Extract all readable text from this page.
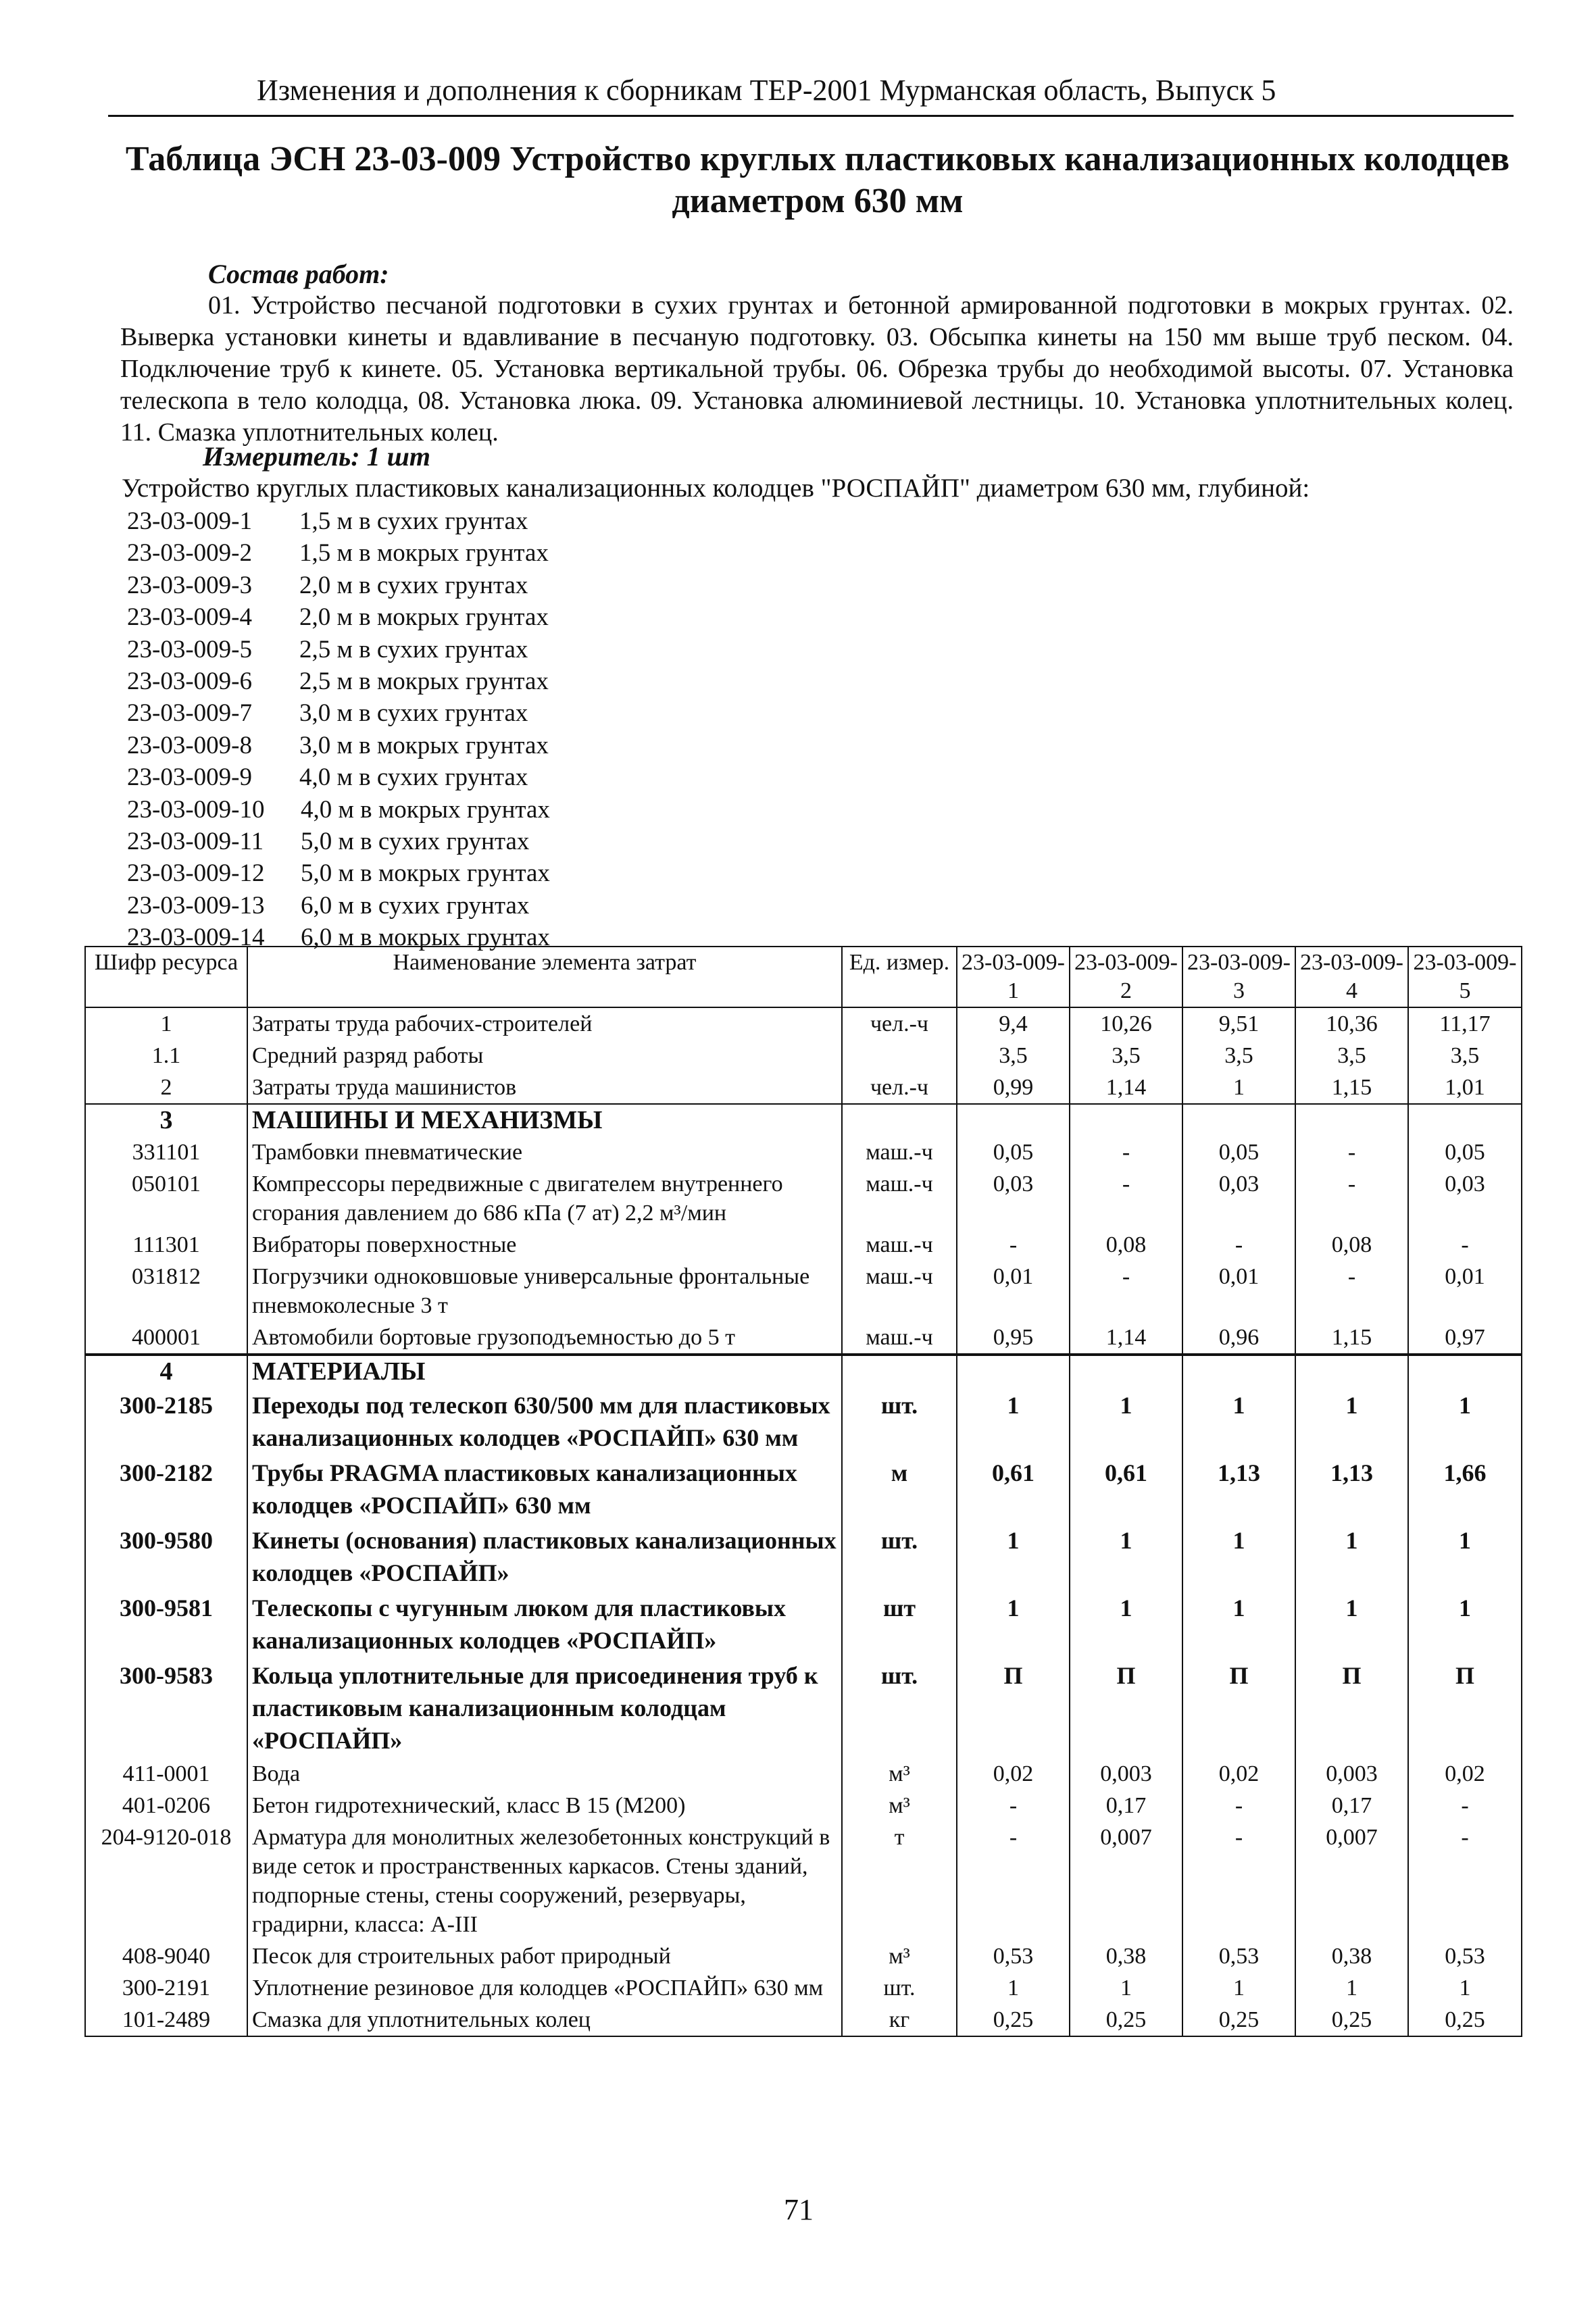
Изменения и дополнения к сборникам ТЕР-2001 Мурманская область, Выпуск 5
Таблица ЭСН 23-03-009 Устройство круглых пластиковых канализационных колодцев
диаметром 630 мм
Состав работ:
01. Устройство песчаной подготовки в сухих грунтах и бетонной армированной подготовки в мокрых грунтах. 02. Выверка установки кинеты и вдавливание в песчаную подготовку. 03. Обсыпка кинеты на 150 мм выше труб песком. 04. Подключение труб к кинете. 05. Установка вертикальной трубы. 06. Обрезка трубы до необходимой высоты. 07. Установка телескопа в тело колодца, 08. Установка люка. 09. Установка алюминиевой лестницы. 10. Установка уплотнительных колец. 11. Смазка уплотнительных колец.
Измеритель: 1 шт
Устройство круглых пластиковых канализационных колодцев "РОСПАЙП" диаметром 630 мм, глубиной:
23-03-009-1	1,5 м в сухих грунтах
23-03-009-2	1,5 м в мокрых грунтах
23-03-009-3	2,0 м в сухих грунтах
23-03-009-4	2,0 м в мокрых грунтах
23-03-009-5	2,5 м в сухих грунтах
23-03-009-6	2,5 м в мокрых грунтах
23-03-009-7	3,0 м в сухих грунтах
23-03-009-8	3,0 м в мокрых грунтах
23-03-009-9	4,0 м в сухих грунтах
23-03-009-10	4,0 м в мокрых грунтах
23-03-009-11	5,0 м в сухих грунтах
23-03-009-12	5,0 м в мокрых грунтах
23-03-009-13	6,0 м в сухих грунтах
23-03-009-14	6,0 м в мокрых грунтах
Шифр ресурса	Наименование элемента затрат	Ед. измер.	23-03-009-1	23-03-009-2	23-03-009-3	23-03-009-4	23-03-009-5
1	Затраты труда рабочих-строителей	чел.-ч	9,4	10,26	9,51	10,36	11,17
1.1	Средний разряд работы		3,5	3,5	3,5	3,5	3,5
2	Затраты труда машинистов	чел.-ч	0,99	1,14	1	1,15	1,01
3	МАШИНЫ И МЕХАНИЗМЫ						
331101	Трамбовки пневматические	маш.-ч	0,05	-	0,05	-	0,05
050101	Компрессоры передвижные с двигателем внутреннего сгорания давлением до 686 кПа (7 ат) 2,2 м³/мин	маш.-ч	0,03	-	0,03	-	0,03
111301	Вибраторы поверхностные	маш.-ч	-	0,08	-	0,08	-
031812	Погрузчики одноковшовые универсальные фронтальные пневмоколесные 3 т	маш.-ч	0,01	-	0,01	-	0,01
400001	Автомобили бортовые грузоподъемностью до 5 т	маш.-ч	0,95	1,14	0,96	1,15	0,97
4	МАТЕРИАЛЫ						
300-2185	Переходы под телескоп 630/500 мм для пластиковых канализационных колодцев «РОСПАЙП» 630 мм	шт.	1	1	1	1	1
300-2182	Трубы PRAGMA пластиковых канализационных колодцев «РОСПАЙП» 630 мм	м	0,61	0,61	1,13	1,13	1,66
300-9580	Кинеты (основания) пластиковых канализационных колодцев «РОСПАЙП»	шт.	1	1	1	1	1
300-9581	Телескопы с чугунным люком для пластиковых канализационных колодцев «РОСПАЙП»	шт	1	1	1	1	1
300-9583	Кольца уплотнительные для присоединения труб к пластиковым канализационным колодцам «РОСПАЙП»	шт.	П	П	П	П	П
411-0001	Вода	м³	0,02	0,003	0,02	0,003	0,02
401-0206	Бетон гидротехнический, класс В 15 (М200)	м³	-	0,17	-	0,17	-
204-9120-018	Арматура для монолитных железобетонных конструкций в виде сеток и пространственных каркасов. Стены зданий, подпорные стены, стены сооружений, резервуары, градирни, класса: А-III	т	-	0,007	-	0,007	-
408-9040	Песок для строительных работ природный	м³	0,53	0,38	0,53	0,38	0,53
300-2191	Уплотнение резиновое для колодцев «РОСПАЙП» 630 мм	шт.	1	1	1	1	1
101-2489	Смазка для уплотнительных колец	кг	0,25	0,25	0,25	0,25	0,25
71
